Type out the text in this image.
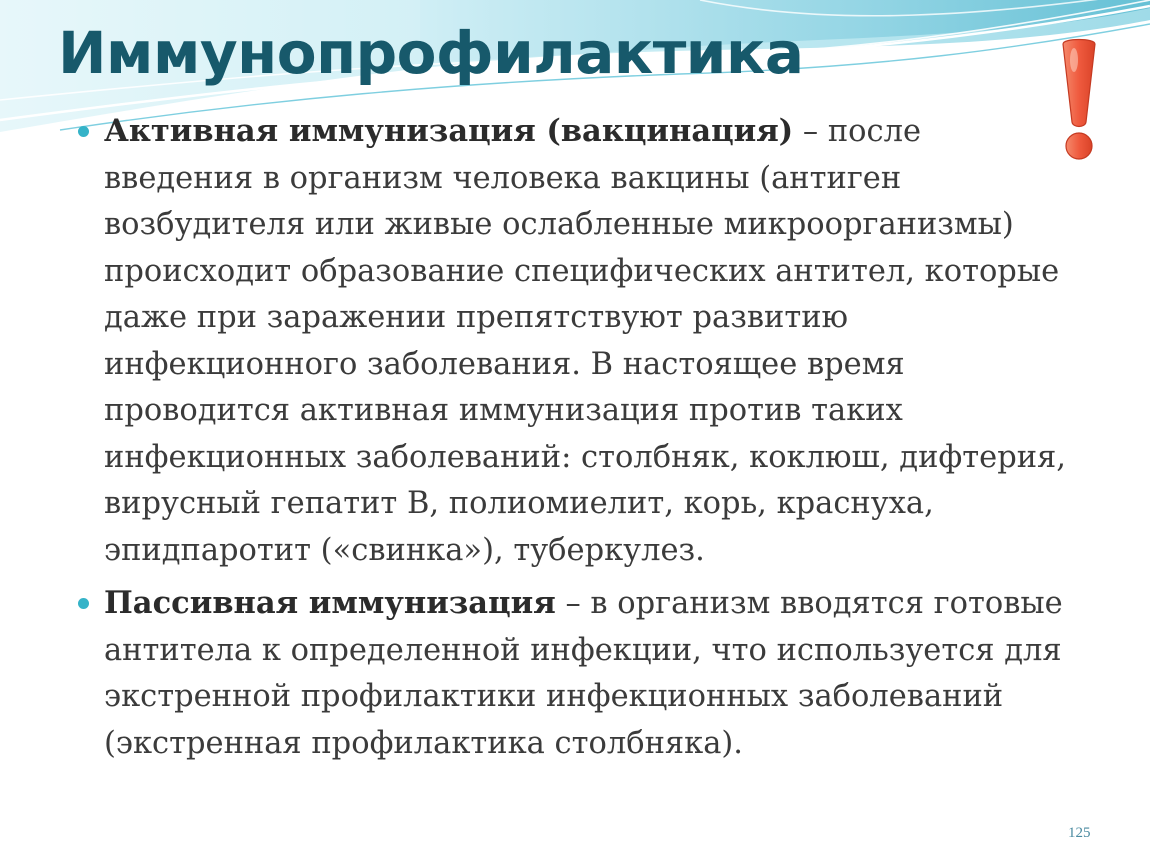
Иммунопрофилактика

Активная иммунизация (вакцинация) – после введения в организм человека вакцины (антиген возбудителя или живые ослабленные микроорганизмы) происходит образование специфических антител, которые даже при заражении препятствуют развитию инфекционного заболевания. В настоящее время проводится активная иммунизация против таких инфекционных заболеваний: столбняк, коклюш, дифтерия, вирусный гепатит В, полиомиелит, корь, краснуха, эпидпаротит («свинка»), туберкулез.

Пассивная иммунизация – в организм вводятся готовые антитела к определенной инфекции, что используется для экстренной профилактики инфекционных заболеваний (экстренная профилактика столбняка).

125
